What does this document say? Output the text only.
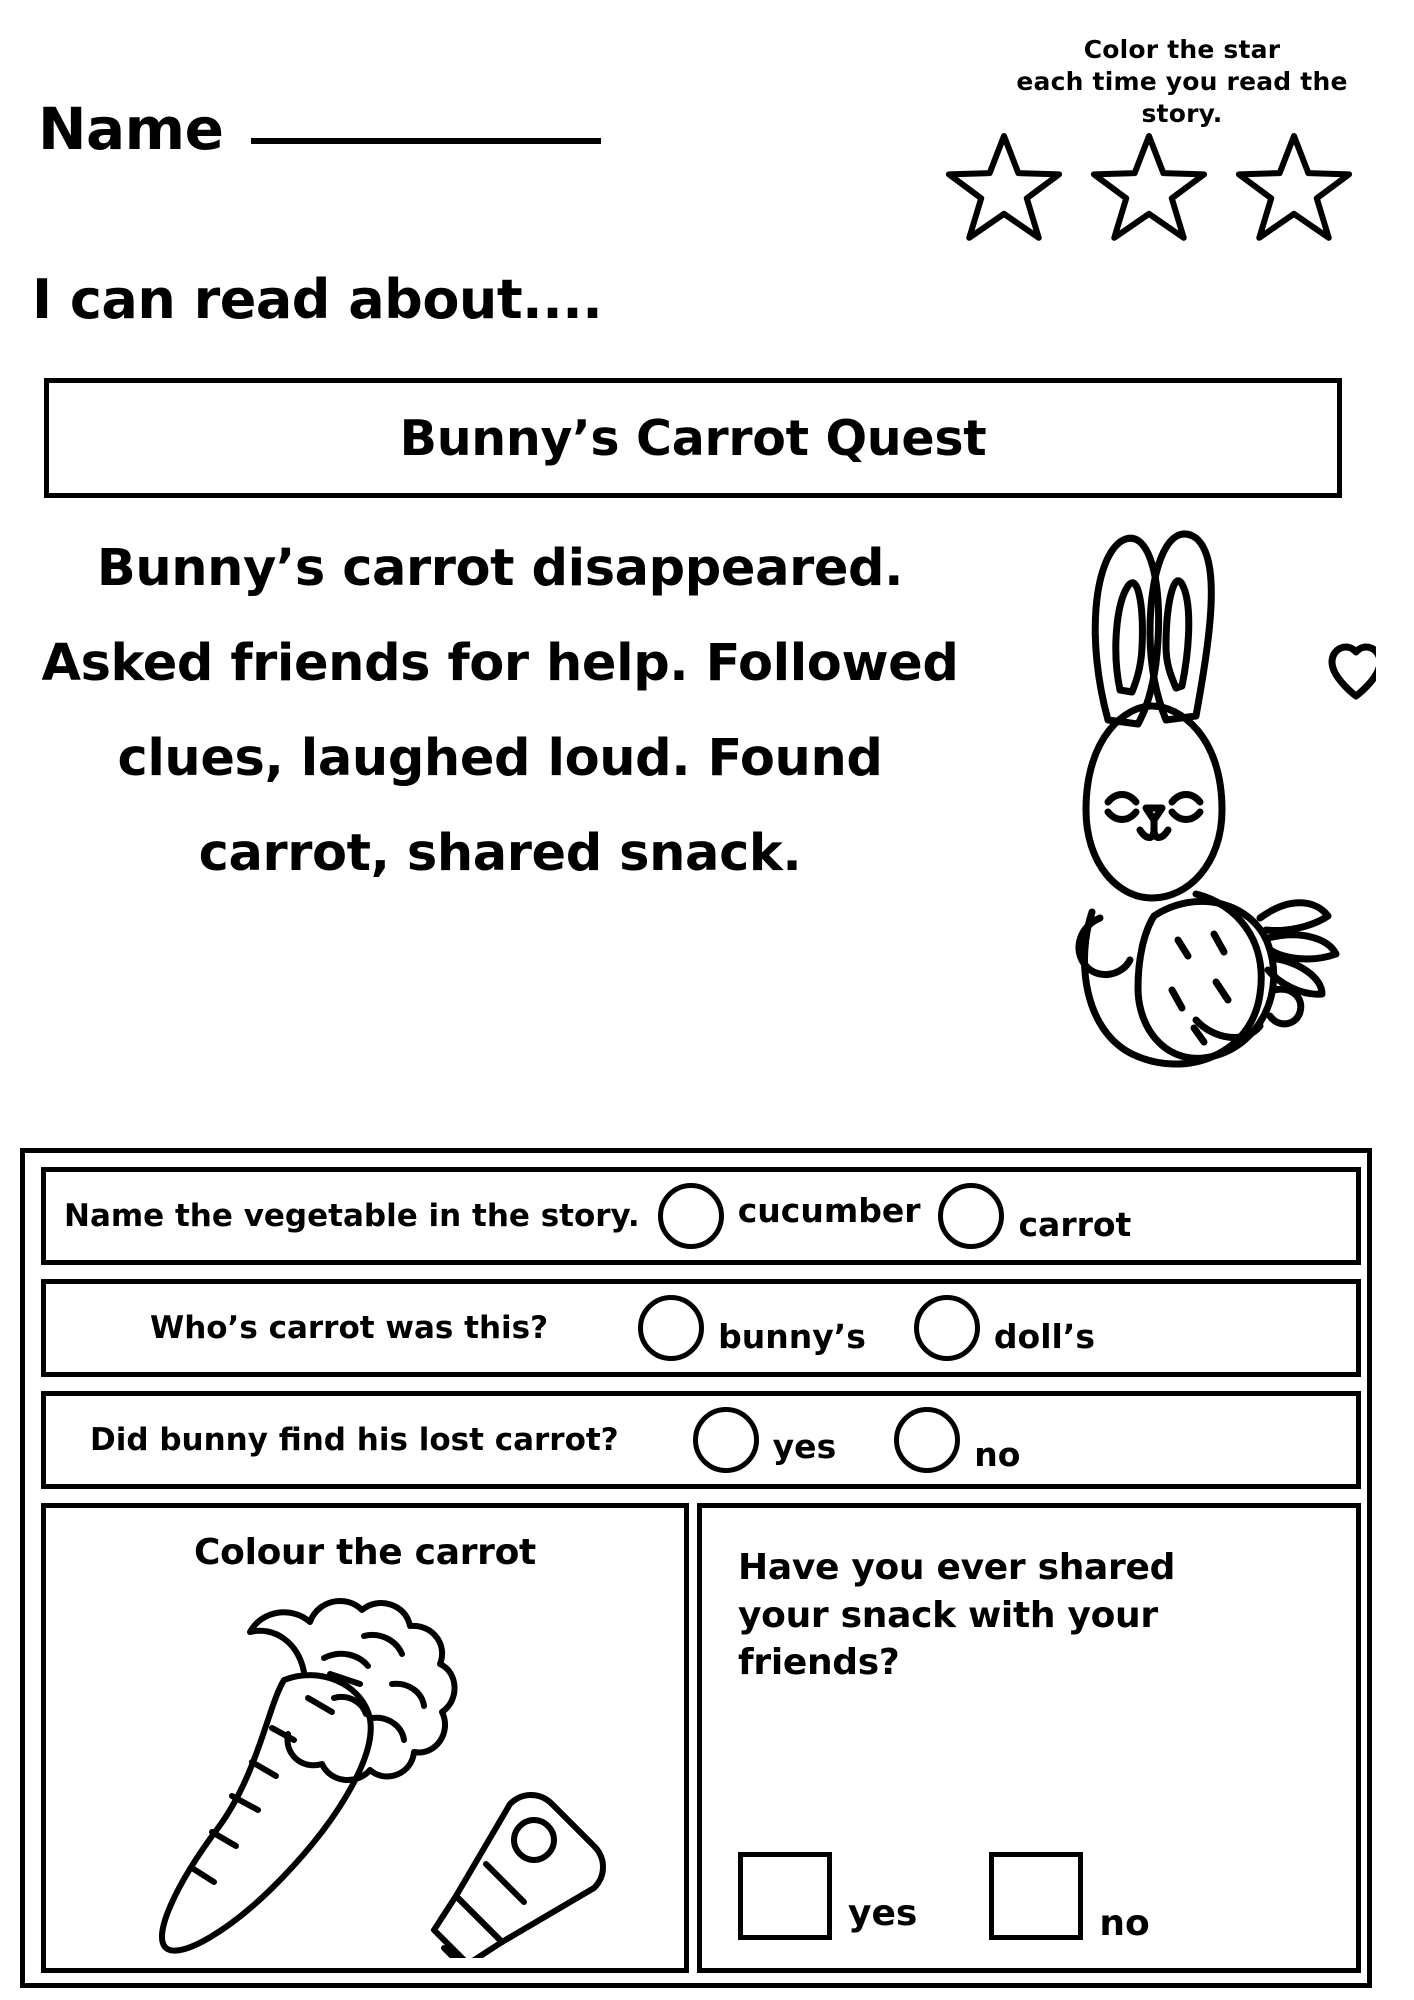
Color the star
each time you read the story.
Name
I can read about....
Bunny’s Carrot Quest
Bunny’s carrot disappeared. Asked friends for help. Followed clues, laughed loud. Found carrot, shared snack.
Name the vegetable in the story.	cucumber	carrot
Who’s carrot was this?	bunny’s	doll’s
Did bunny find his lost carrot?	yes	no
Colour the carrot	Have you ever shared your snack with your friends?
yes	no
